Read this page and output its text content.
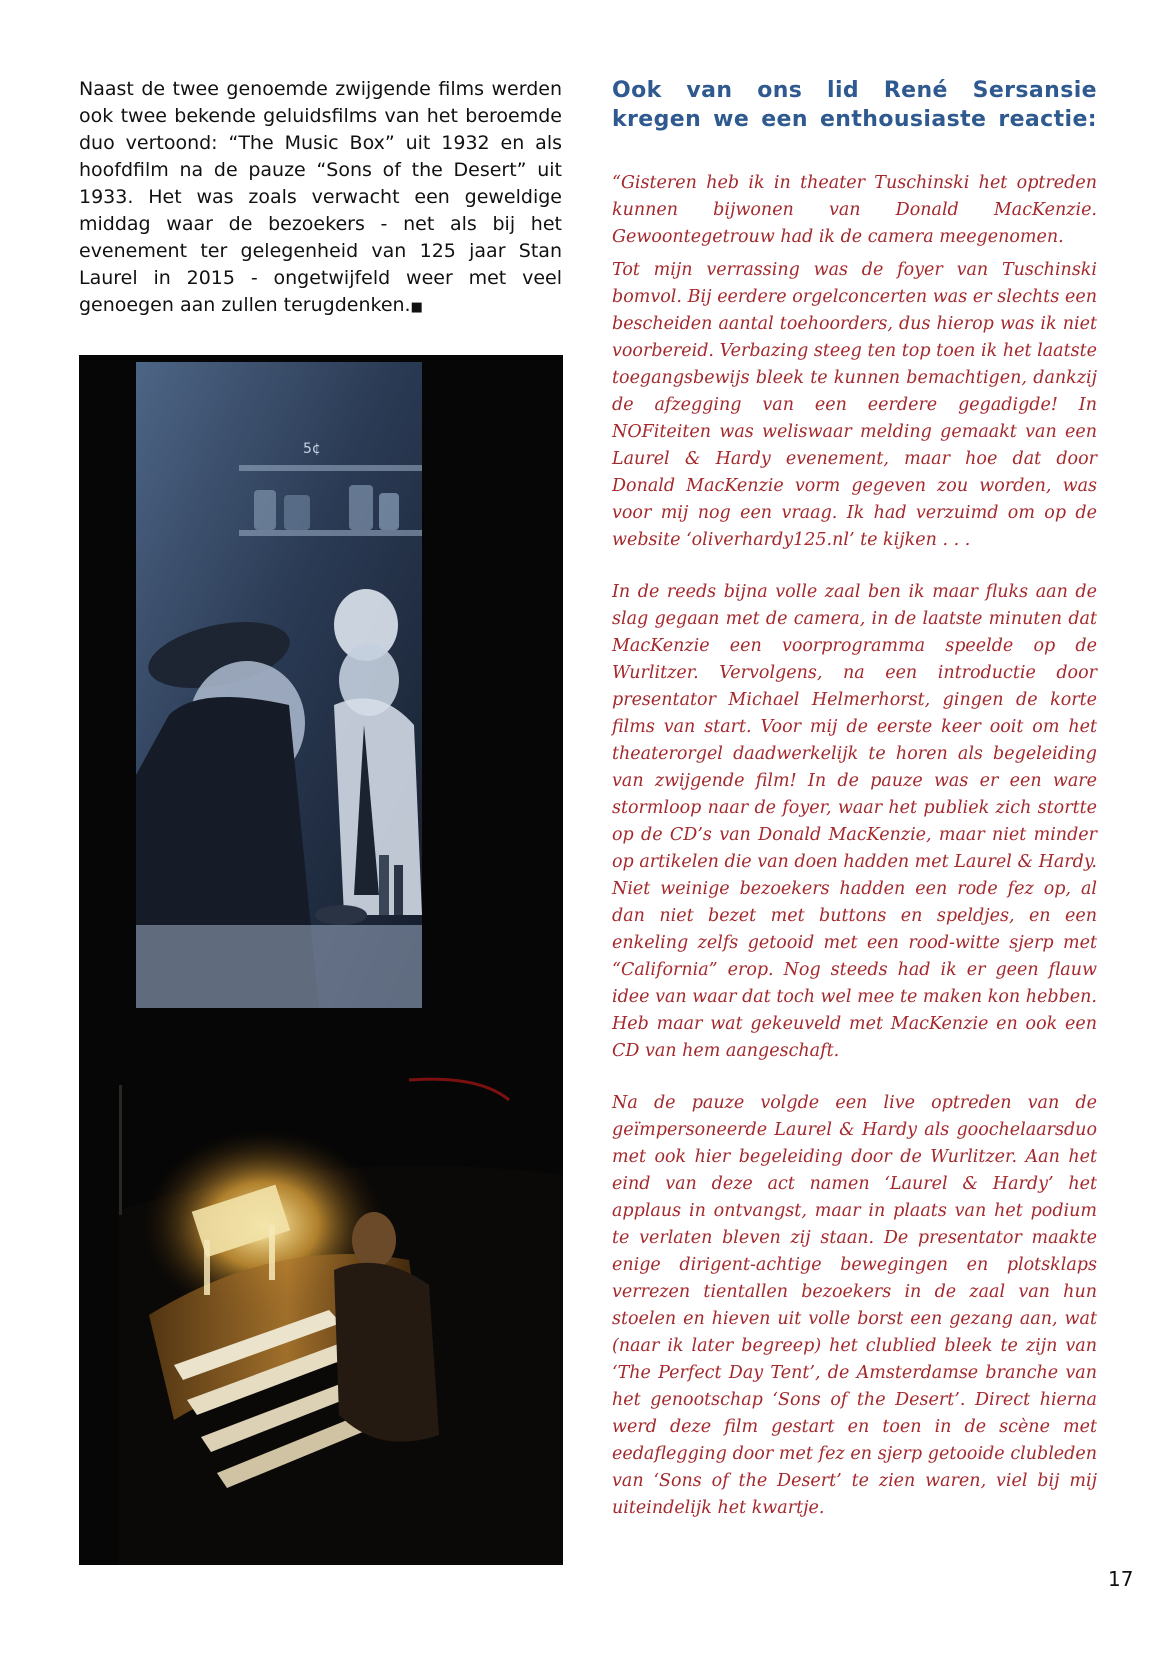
Naast de twee genoemde zwijgende films werden ook twee bekende geluidsfilms van het beroemde duo vertoond: “The Music Box” uit 1932 en als hoofdfilm na de pauze “Sons of the Desert” uit 1933. Het was zoals verwacht een geweldige middag waar de bezoekers - net als bij het evenement ter gelegenheid van 125 jaar Stan Laurel in 2015 - ongetwijfeld weer met veel genoegen aan zullen terugdenken.■

5¢
Ook van ons lid René Sersansie kregen we een enthousiaste reactie:

“Gisteren heb ik in theater Tuschinski het optreden kunnen bijwonen van Donald MacKenzie. Gewoontegetrouw had ik de camera meegenomen.

Tot mijn verrassing was de foyer van Tuschinski bomvol. Bij eerdere orgelconcerten was er slechts een bescheiden aantal toehoorders, dus hierop was ik niet voorbereid. Verbazing steeg ten top toen ik het laatste toegangsbewijs bleek te kunnen bemachtigen, dankzij de afzegging van een eerdere gegadigde! In NOFiteiten was weliswaar melding gemaakt van een Laurel & Hardy evenement, maar hoe dat door Donald MacKenzie vorm gegeven zou worden, was voor mij nog een vraag. Ik had verzuimd om op de website ‘oliverhardy125.nl’ te kijken . . .

In de reeds bijna volle zaal ben ik maar fluks aan de slag gegaan met de camera, in de laatste minuten dat MacKenzie een voorprogramma speelde op de Wurlitzer. Vervolgens, na een introductie door presentator Michael Helmerhorst, gingen de korte films van start. Voor mij de eerste keer ooit om het theaterorgel daadwerkelijk te horen als begeleiding van zwijgende film! In de pauze was er een ware stormloop naar de foyer, waar het publiek zich stortte op de CD’s van Donald MacKenzie, maar niet minder op artikelen die van doen hadden met Laurel & Hardy. Niet weinige bezoekers hadden een rode fez op, al dan niet bezet met buttons en speldjes, en een enkeling zelfs getooid met een rood-witte sjerp met “California” erop. Nog steeds had ik er geen flauw idee van waar dat toch wel mee te maken kon hebben. Heb maar wat gekeuveld met MacKenzie en ook een CD van hem aangeschaft.

Na de pauze volgde een live optreden van de geïmpersoneerde Laurel & Hardy als goochelaarsduo met ook hier begeleiding door de Wurlitzer. Aan het eind van deze act namen ‘Laurel & Hardy’ het applaus in ontvangst, maar in plaats van het podium te verlaten bleven zij staan. De presentator maakte enige dirigent-achtige bewegingen en plotsklaps verrezen tientallen bezoekers in de zaal van hun stoelen en hieven uit volle borst een gezang aan, wat (naar ik later begreep) het clublied bleek te zijn van ‘The Perfect Day Tent’, de Amsterdamse branche van het genootschap ‘Sons of the Desert’. Direct hierna werd deze film gestart en toen in de scène met eedaflegging door met fez en sjerp getooide clubleden van ‘Sons of the Desert’ te zien waren, viel bij mij uiteindelijk het kwartje.

17
